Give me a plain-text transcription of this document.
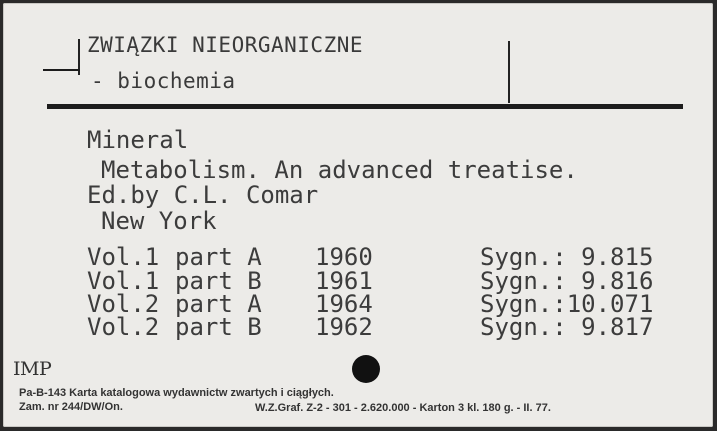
ZWIĄZKI NIEORGANICZNE
- biochemia
Mineral
Metabolism. An advanced treatise.
Ed.by C.L. Comar
New York
Vol.1 part A 1960	Sygn.: 9.815
Vol.1 part B 1961	Sygn.: 9.816
Vol.2 part A 1964	Sygn.:10.071
Vol.2 part B 1962	Sygn.: 9.817
IMP
Pa-B-143 Karta katalogowa wydawnictw zwartych i ciągłych.
Zam. nr 244/DW/On.	W.Z.Graf. Z-2 - 301 - 2.620.000 - Karton 3 kl. 180 g. - II. 77.
